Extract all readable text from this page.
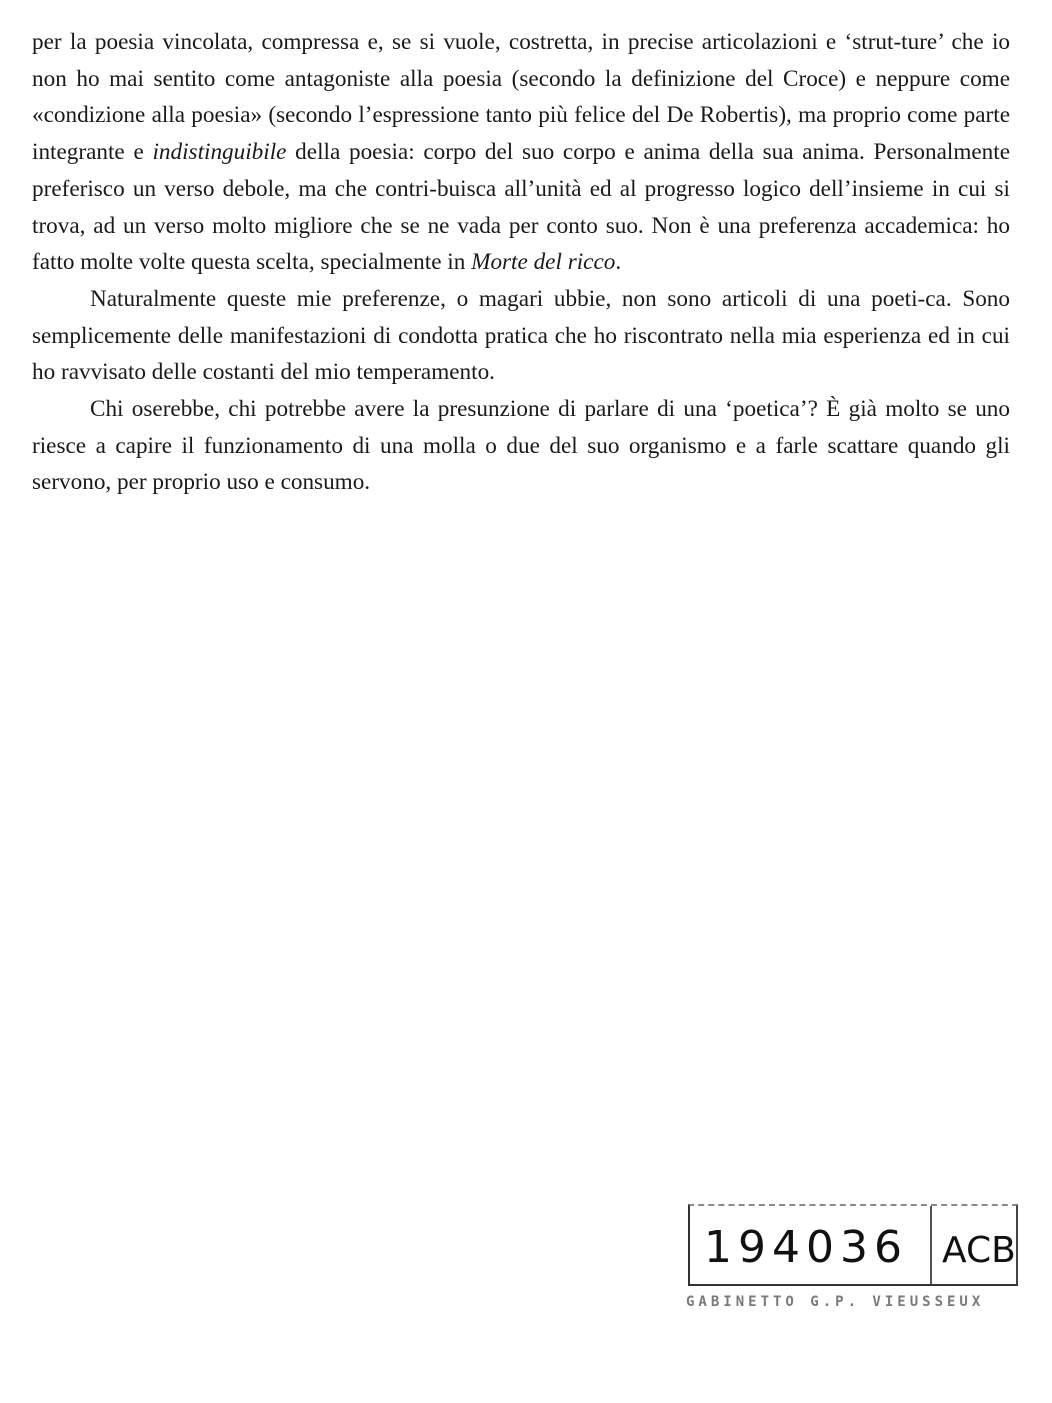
per la poesia vincolata, compressa e, se si vuole, costretta, in precise articolazioni e ‘strut-ture’ che io non ho mai sentito come antagoniste alla poesia (secondo la definizione del Croce) e neppure come «condizione alla poesia» (secondo l’espressione tanto più felice del De Robertis), ma proprio come parte integrante e indistinguibile della poesia: corpo del suo corpo e anima della sua anima. Personalmente preferisco un verso debole, ma che contri-buisca all’unità ed al progresso logico dell’insieme in cui si trova, ad un verso molto migliore che se ne vada per conto suo. Non è una preferenza accademica: ho fatto molte volte questa scelta, specialmente in Morte del ricco.

Naturalmente queste mie preferenze, o magari ubbie, non sono articoli di una poeti-ca. Sono semplicemente delle manifestazioni di condotta pratica che ho riscontrato nella mia esperienza ed in cui ho ravvisato delle costanti del mio temperamento.

Chi oserebbe, chi potrebbe avere la presunzione di parlare di una ‘poetica’? È già molto se uno riesce a capire il funzionamento di una molla o due del suo organismo e a farle scattare quando gli servono, per proprio uso e consumo.

194036 ACB
GABINETTO G.P. VIEUSSEUX
